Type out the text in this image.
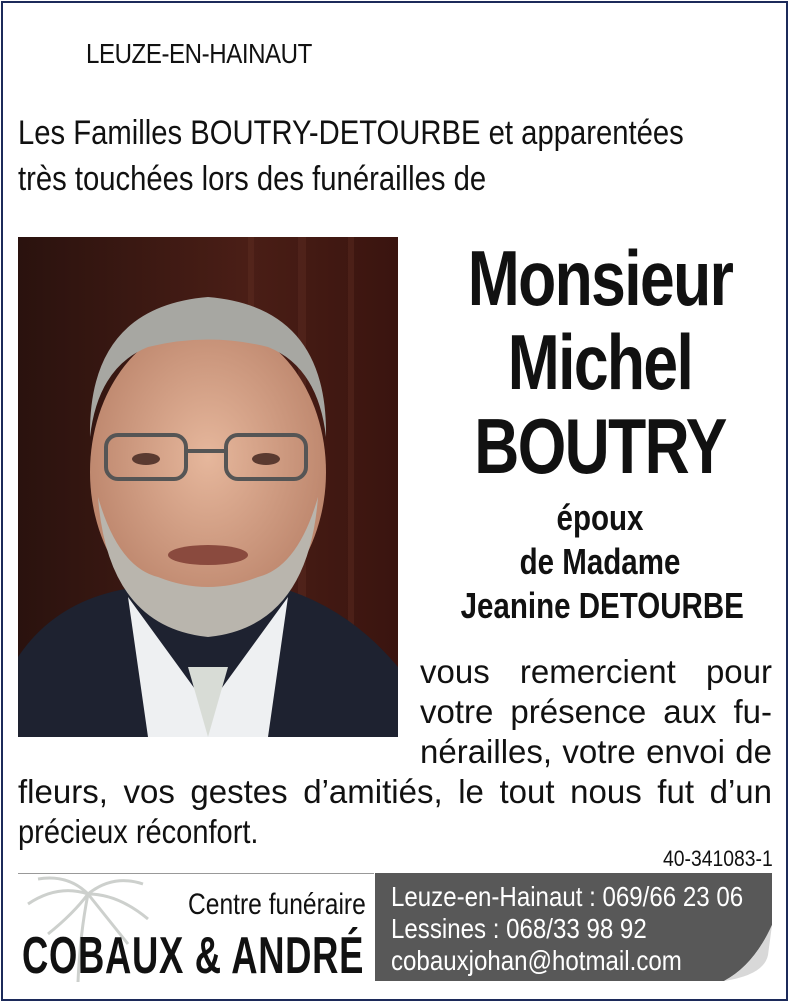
LEUZE-EN-HAINAUT
Les Familles BOUTRY-DETOURBE et apparentées
très touchées lors des funérailles de
Monsieur
Michel
BOUTRY
époux
de Madame
Jeanine DETOURBE
vous remercient pour
votre présence aux fu-
nérailles, votre envoi de
fleurs, vos gestes d’amitiés, le tout nous fut d’un
précieux réconfort.
40-341083-1
Centre funéraire
COBAUX & ANDRÉ
Leuze-en-Hainaut : 069/66 23 06
Lessines : 068/33 98 92
cobauxjohan@hotmail.com
